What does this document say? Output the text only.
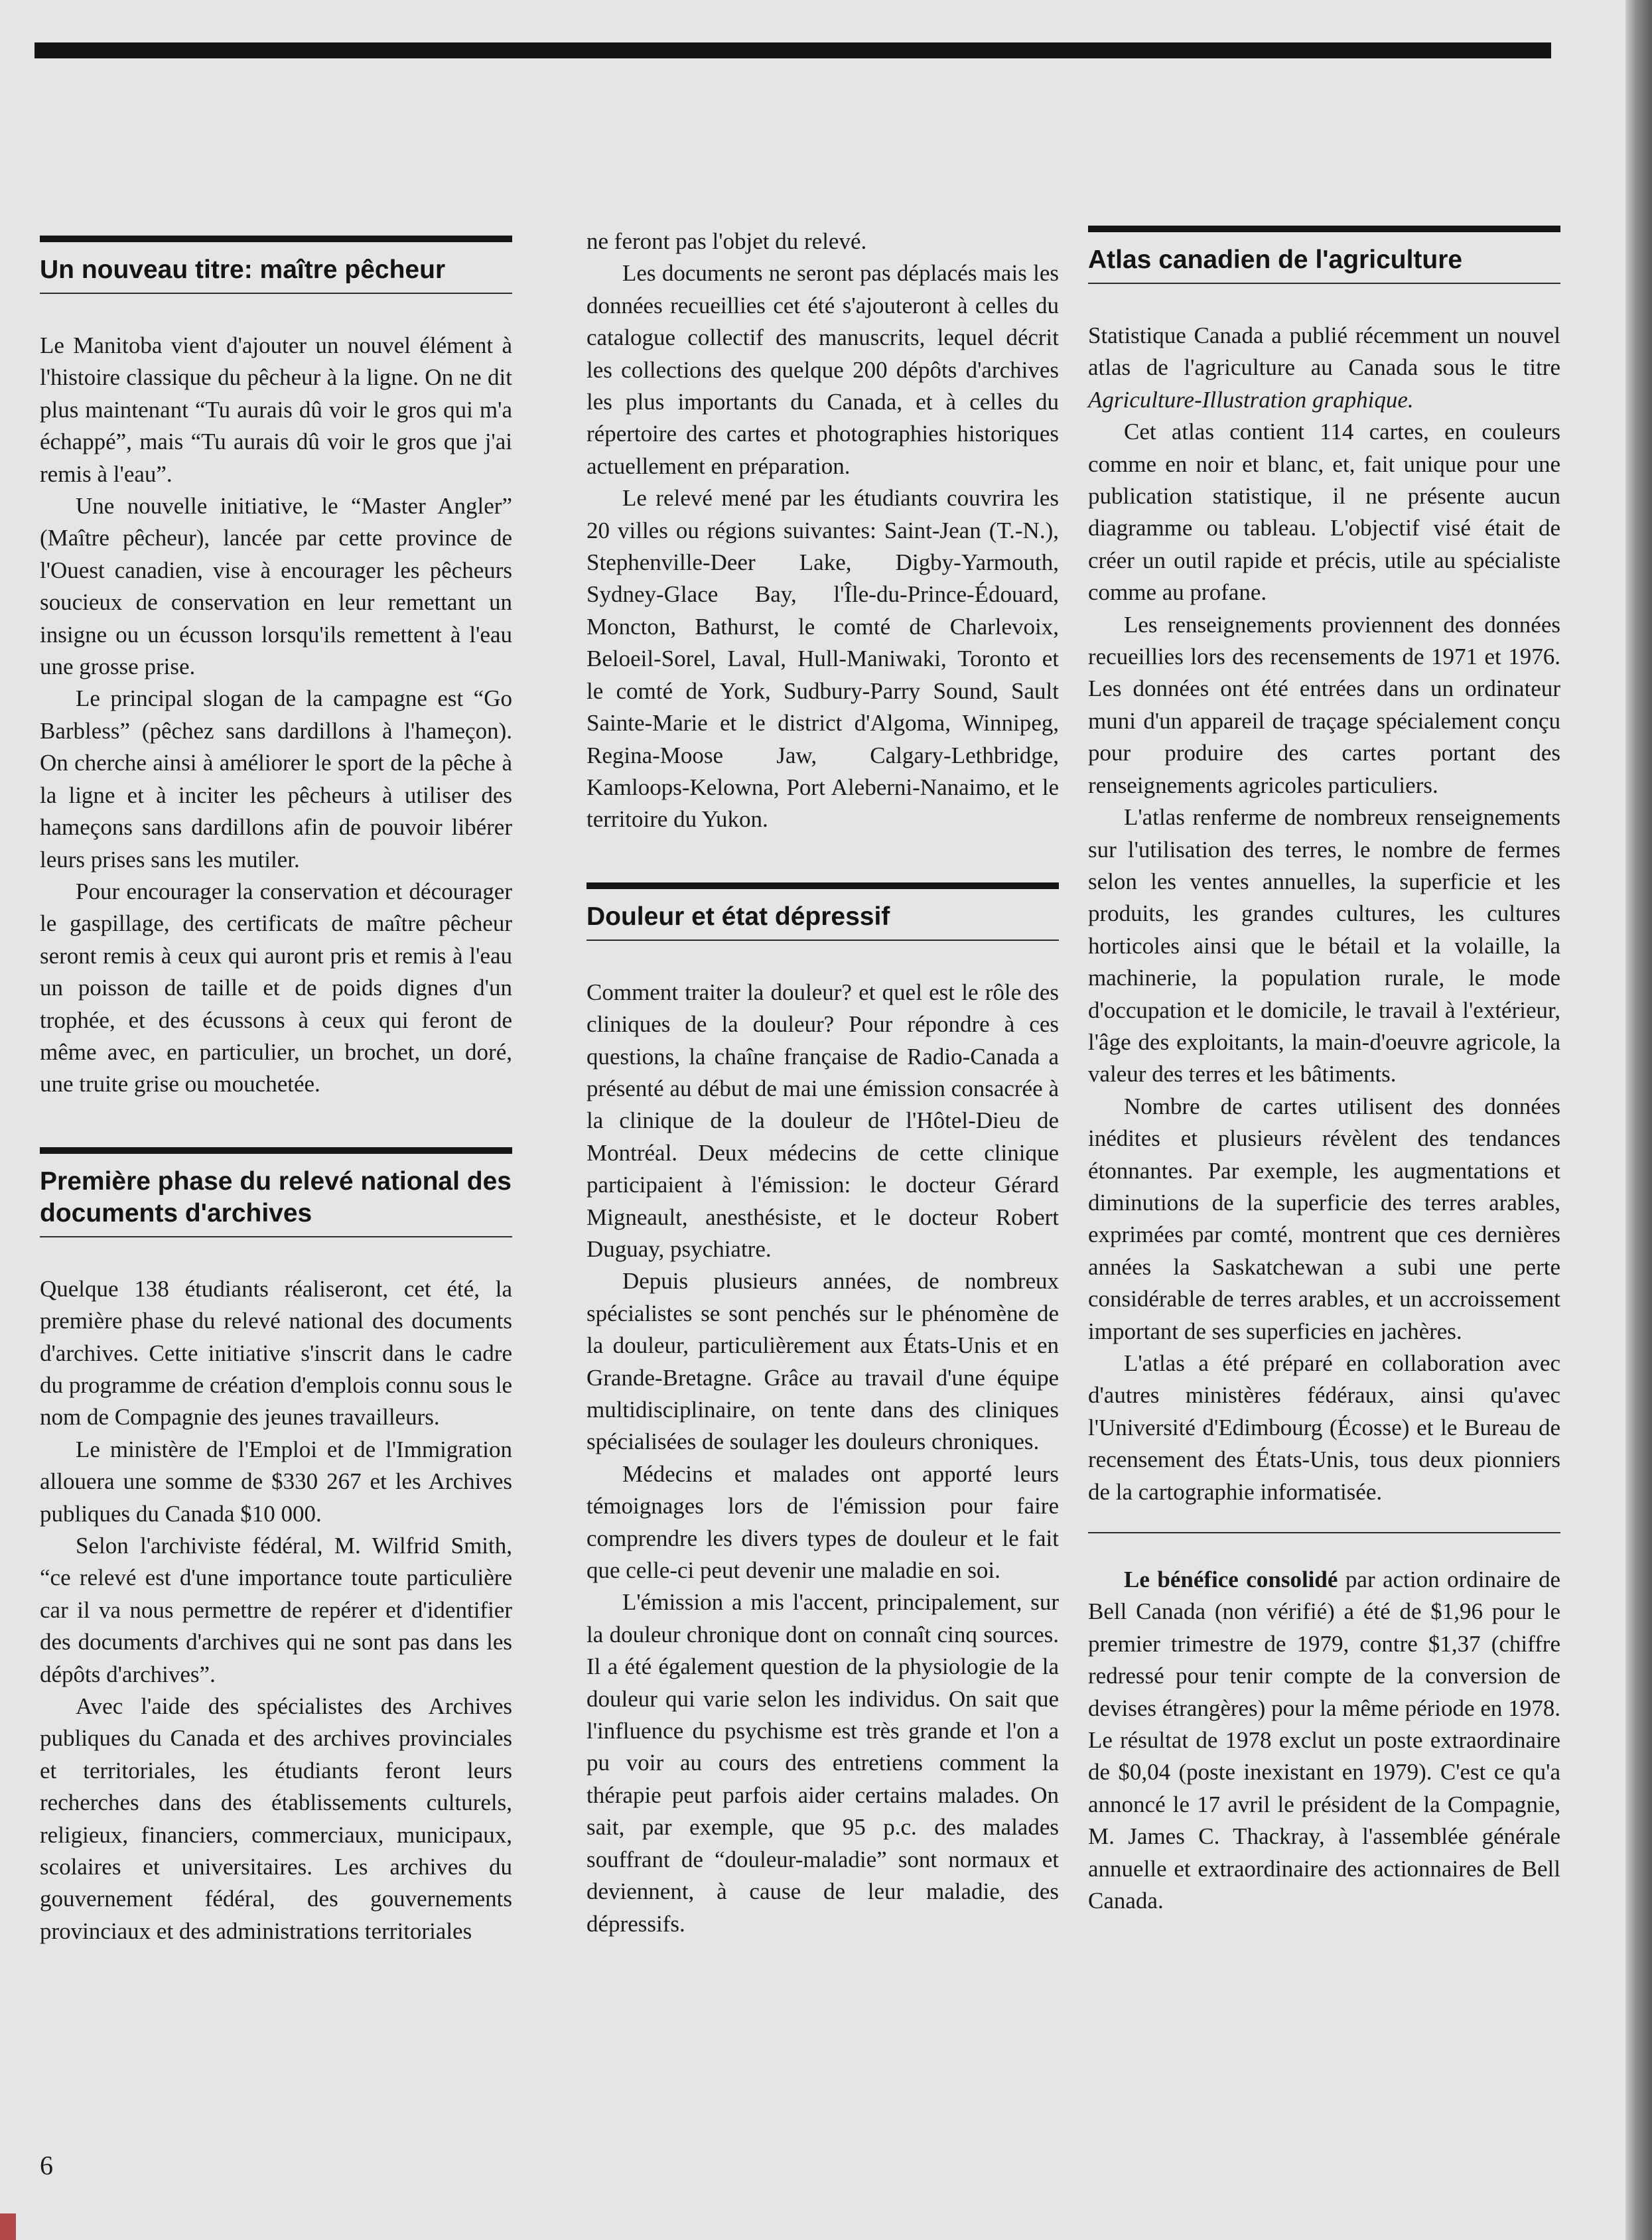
Un nouveau titre: maître pêcheur

Le Manitoba vient d'ajouter un nouvel élément à l'histoire classique du pêcheur à la ligne. On ne dit plus maintenant “Tu aurais dû voir le gros qui m'a échappé”, mais “Tu aurais dû voir le gros que j'ai remis à l'eau”.

Une nouvelle initiative, le “Master Angler” (Maître pêcheur), lancée par cette province de l'Ouest canadien, vise à encourager les pêcheurs soucieux de conservation en leur remettant un insigne ou un écusson lorsqu'ils remettent à l'eau une grosse prise.

Le principal slogan de la campagne est “Go Barbless” (pêchez sans dardillons à l'hameçon). On cherche ainsi à améliorer le sport de la pêche à la ligne et à inciter les pêcheurs à utiliser des hameçons sans dardillons afin de pouvoir libérer leurs prises sans les mutiler.

Pour encourager la conservation et décourager le gaspillage, des certificats de maître pêcheur seront remis à ceux qui auront pris et remis à l'eau un poisson de taille et de poids dignes d'un trophée, et des écussons à ceux qui feront de même avec, en particulier, un brochet, un doré, une truite grise ou mouchetée.

Première phase du relevé national des documents d'archives

Quelque 138 étudiants réaliseront, cet été, la première phase du relevé national des documents d'archives. Cette initiative s'inscrit dans le cadre du programme de création d'emplois connu sous le nom de Compagnie des jeunes travailleurs.

Le ministère de l'Emploi et de l'Immigration allouera une somme de $330 267 et les Archives publiques du Canada $10 000.

Selon l'archiviste fédéral, M. Wilfrid Smith, “ce relevé est d'une importance toute particulière car il va nous permettre de repérer et d'identifier des documents d'archives qui ne sont pas dans les dépôts d'archives”.

Avec l'aide des spécialistes des Archives publiques du Canada et des archives provinciales et territoriales, les étudiants feront leurs recherches dans des établissements culturels, religieux, financiers, commerciaux, municipaux, scolaires et universitaires. Les archives du gouvernement fédéral, des gouvernements provinciaux et des administrations territoriales

ne feront pas l'objet du relevé.

Les documents ne seront pas déplacés mais les données recueillies cet été s'ajouteront à celles du catalogue collectif des manuscrits, lequel décrit les collections des quelque 200 dépôts d'archives les plus importants du Canada, et à celles du répertoire des cartes et photographies historiques actuellement en préparation.

Le relevé mené par les étudiants couvrira les 20 villes ou régions suivantes: Saint-Jean (T.-N.), Stephenville-Deer Lake, Digby-Yarmouth, Sydney-Glace Bay, l'Île-du-Prince-Édouard, Moncton, Bathurst, le comté de Charlevoix, Beloeil-Sorel, Laval, Hull-Maniwaki, Toronto et le comté de York, Sudbury-Parry Sound, Sault Sainte-Marie et le district d'Algoma, Winnipeg, Regina-Moose Jaw, Calgary-Lethbridge, Kamloops-Kelowna, Port Aleberni-Nanaimo, et le territoire du Yukon.

Douleur et état dépressif

Comment traiter la douleur? et quel est le rôle des cliniques de la douleur? Pour répondre à ces questions, la chaîne française de Radio-Canada a présenté au début de mai une émission consacrée à la clinique de la douleur de l'Hôtel-Dieu de Montréal. Deux médecins de cette clinique participaient à l'émission: le docteur Gérard Migneault, anesthésiste, et le docteur Robert Duguay, psychiatre.

Depuis plusieurs années, de nombreux spécialistes se sont penchés sur le phénomène de la douleur, particulièrement aux États-Unis et en Grande-Bretagne. Grâce au travail d'une équipe multidisciplinaire, on tente dans des cliniques spécialisées de soulager les douleurs chroniques.

Médecins et malades ont apporté leurs témoignages lors de l'émission pour faire comprendre les divers types de douleur et le fait que celle-ci peut devenir une maladie en soi.

L'émission a mis l'accent, principalement, sur la douleur chronique dont on connaît cinq sources. Il a été également question de la physiologie de la douleur qui varie selon les individus. On sait que l'influence du psychisme est très grande et l'on a pu voir au cours des entretiens comment la thérapie peut parfois aider certains malades. On sait, par exemple, que 95 p.c. des malades souffrant de “douleur-maladie” sont normaux et deviennent, à cause de leur maladie, des dépressifs.

Atlas canadien de l'agriculture

Statistique Canada a publié récemment un nouvel atlas de l'agriculture au Canada sous le titre Agriculture-Illustration graphique.

Cet atlas contient 114 cartes, en couleurs comme en noir et blanc, et, fait unique pour une publication statistique, il ne présente aucun diagramme ou tableau. L'objectif visé était de créer un outil rapide et précis, utile au spécialiste comme au profane.

Les renseignements proviennent des données recueillies lors des recensements de 1971 et 1976. Les données ont été entrées dans un ordinateur muni d'un appareil de traçage spécialement conçu pour produire des cartes portant des renseignements agricoles particuliers.

L'atlas renferme de nombreux renseignements sur l'utilisation des terres, le nombre de fermes selon les ventes annuelles, la superficie et les produits, les grandes cultures, les cultures horticoles ainsi que le bétail et la volaille, la machinerie, la population rurale, le mode d'occupation et le domicile, le travail à l'extérieur, l'âge des exploitants, la main-d'oeuvre agricole, la valeur des terres et les bâtiments.

Nombre de cartes utilisent des données inédites et plusieurs révèlent des tendances étonnantes. Par exemple, les augmentations et diminutions de la superficie des terres arables, exprimées par comté, montrent que ces dernières années la Saskatchewan a subi une perte considérable de terres arables, et un accroissement important de ses superficies en jachères.

L'atlas a été préparé en collaboration avec d'autres ministères fédéraux, ainsi qu'avec l'Université d'Edimbourg (Écosse) et le Bureau de recensement des États-Unis, tous deux pionniers de la cartographie informatisée.

Le bénéfice consolidé par action ordinaire de Bell Canada (non vérifié) a été de $1,96 pour le premier trimestre de 1979, contre $1,37 (chiffre redressé pour tenir compte de la conversion de devises étrangères) pour la même période en 1978. Le résultat de 1978 exclut un poste extraordinaire de $0,04 (poste inexistant en 1979). C'est ce qu'a annoncé le 17 avril le président de la Compagnie, M. James C. Thackray, à l'assemblée générale annuelle et extraordinaire des actionnaires de Bell Canada.

6
